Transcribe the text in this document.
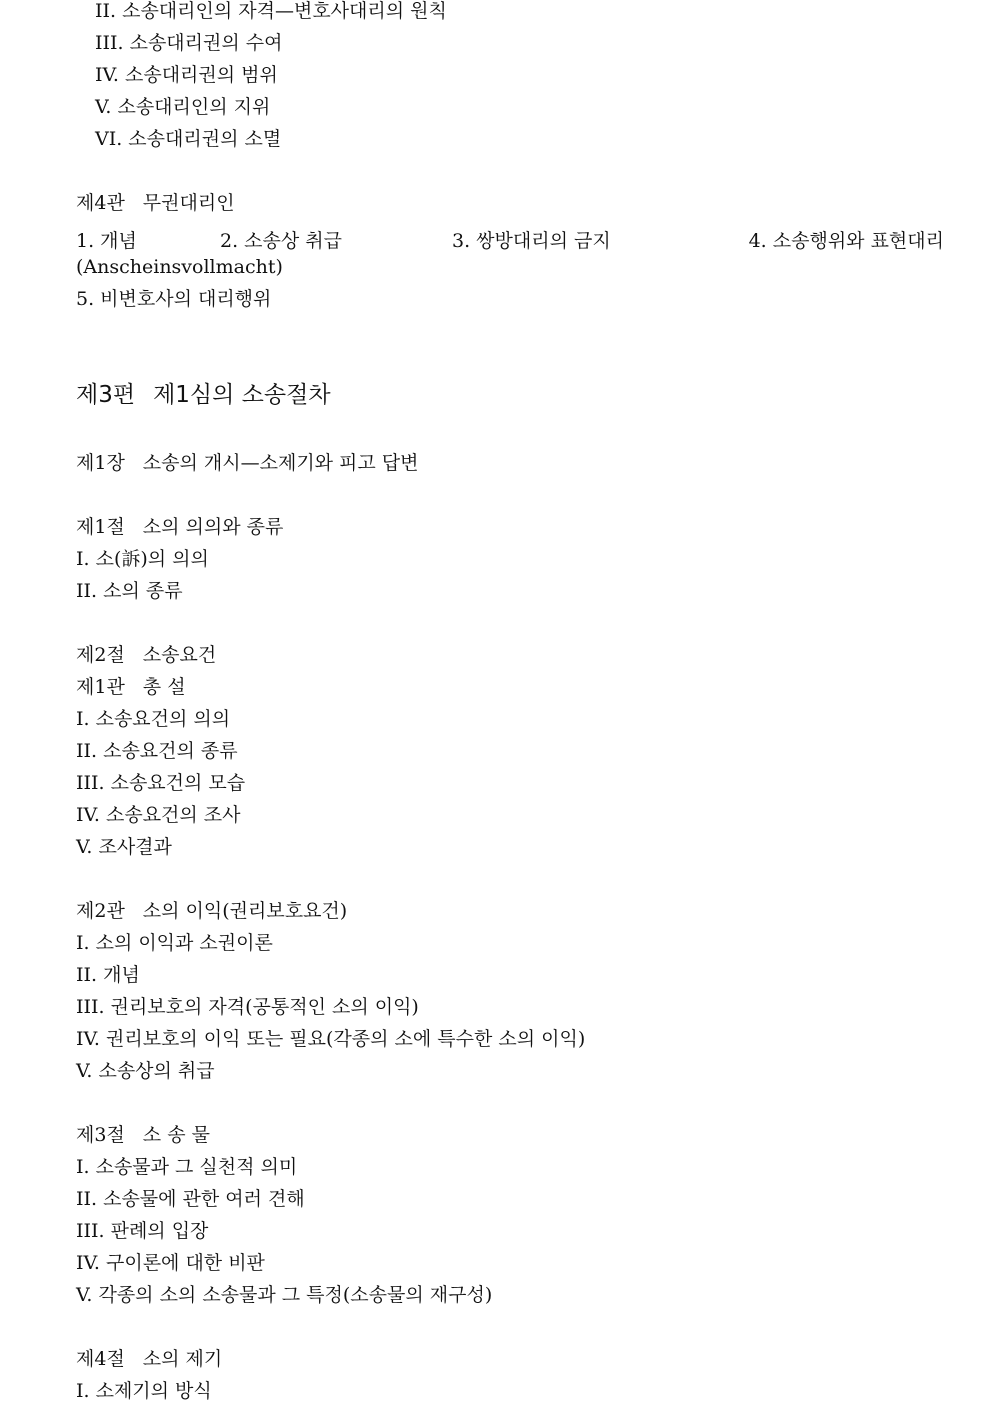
II. 소송대리인의 자격—변호사대리의 원칙
III. 소송대리권의 수여
IV. 소송대리권의 범위
V. 소송대리인의 지위
VI. 소송대리권의 소멸
제4관 무권대리인
1. 개념	2. 소송상 취급	3. 쌍방대리의 금지	4. 소송행위와 표현대리
(Anscheinsvollmacht)
5. 비변호사의 대리행위
제3편 제1심의 소송절차
제1장 소송의 개시—소제기와 피고 답변
제1절 소의 의의와 종류
I. 소(訴)의 의의
II. 소의 종류
제2절 소송요건
제1관 총 설
I. 소송요건의 의의
II. 소송요건의 종류
III. 소송요건의 모습
IV. 소송요건의 조사
V. 조사결과
제2관 소의 이익(권리보호요건)
I. 소의 이익과 소권이론
II. 개념
III. 권리보호의 자격(공통적인 소의 이익)
IV. 권리보호의 이익 또는 필요(각종의 소에 특수한 소의 이익)
V. 소송상의 취급
제3절 소 송 물
I. 소송물과 그 실천적 의미
II. 소송물에 관한 여러 견해
III. 판례의 입장
IV. 구이론에 대한 비판
V. 각종의 소의 소송물과 그 특정(소송물의 재구성)
제4절 소의 제기
I. 소제기의 방식
